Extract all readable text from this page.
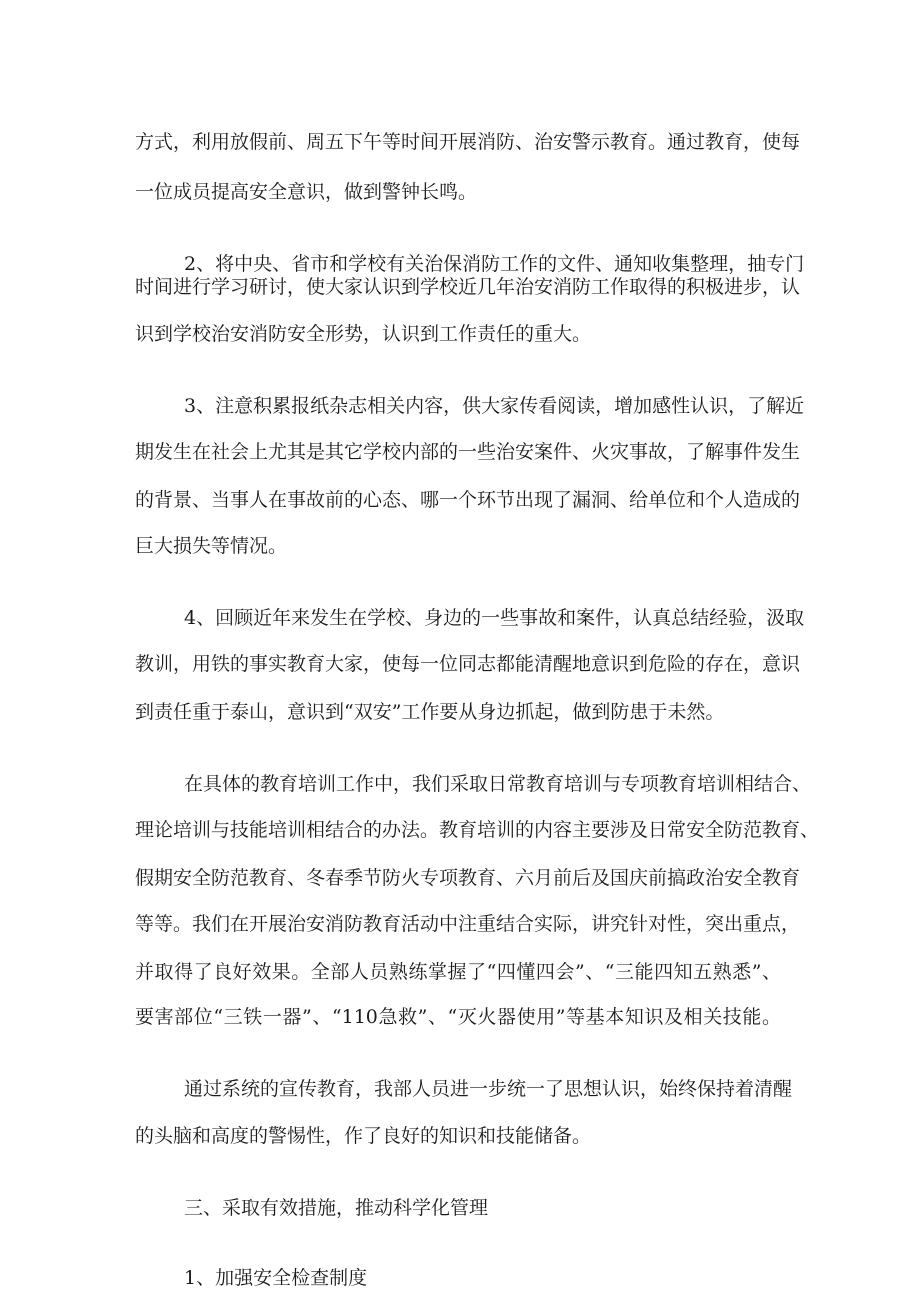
方式，利用放假前、周五下午等时间开展消防、治安警示教育。通过教育，使每
一位成员提高安全意识，做到警钟长鸣。
2、将中央、省市和学校有关治保消防工作的文件、通知收集整理，抽专门
时间进行学习研讨，使大家认识到学校近几年治安消防工作取得的积极进步，认
识到学校治安消防安全形势，认识到工作责任的重大。
3、注意积累报纸杂志相关内容，供大家传看阅读，增加感性认识，了解近
期发生在社会上尤其是其它学校内部的一些治安案件、火灾事故，了解事件发生
的背景、当事人在事故前的心态、哪一个环节出现了漏洞、给单位和个人造成的
巨大损失等情况。
4、回顾近年来发生在学校、身边的一些事故和案件，认真总结经验，汲取
教训，用铁的事实教育大家，使每一位同志都能清醒地意识到危险的存在，意识
到责任重于泰山，意识到“双安”工作要从身边抓起，做到防患于未然。
在具体的教育培训工作中，我们采取日常教育培训与专项教育培训相结合、
理论培训与技能培训相结合的办法。教育培训的内容主要涉及日常安全防范教育、
假期安全防范教育、冬春季节防火专项教育、六月前后及国庆前搞政治安全教育
等等。我们在开展治安消防教育活动中注重结合实际，讲究针对性，突出重点，
并取得了良好效果。全部人员熟练掌握了“四懂四会”、“三能四知五熟悉”、
要害部位“三铁一器”、“110急救”、“灭火器使用”等基本知识及相关技能。
通过系统的宣传教育，我部人员进一步统一了思想认识，始终保持着清醒
的头脑和高度的警惕性，作了良好的知识和技能储备。
三、采取有效措施，推动科学化管理
1、加强安全检查制度
